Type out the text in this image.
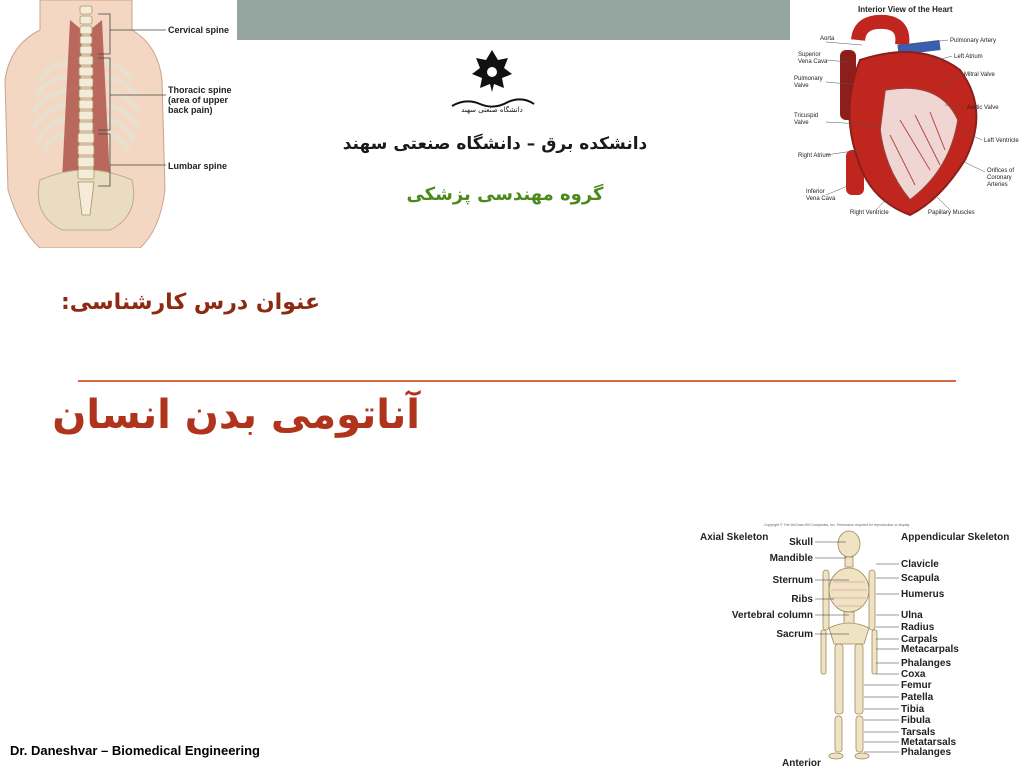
Cervical spine
Thoracic spine
(area of upper
back pain)
Lumbar spine
Interior View of the Heart
Aorta
Superior
Vena Cava
Pulmonary
Valve
Tricuspid
Valve
Right Atrium
Inferior
Vena Cava
Right Ventricle
Pulmonary Artery
Left Atrium
Mitral Valve
Aortic Valve
Left Ventricle
Orifices of
Coronary
Arteries
Papillary Muscles
دانشگاه صنعتی سهند
دانشکده برق – دانشگاه صنعتی سهند
گروه مهندسی پزشکی
عنوان درس کارشناسی:
آناتومی بدن انسان
Copyright © The McGraw-Hill Companies, Inc. Permission required for reproduction or display.
Axial Skeleton	Appendicular Skeleton
Skull
Mandible
Sternum
Ribs
Vertebral column
Sacrum
Clavicle
Scapula
Humerus
Ulna
Radius
Carpals
Metacarpals
Phalanges
Coxa
Femur
Patella
Tibia
Fibula
Tarsals
Metatarsals
Phalanges
Anterior
Dr. Daneshvar – Biomedical Engineering
